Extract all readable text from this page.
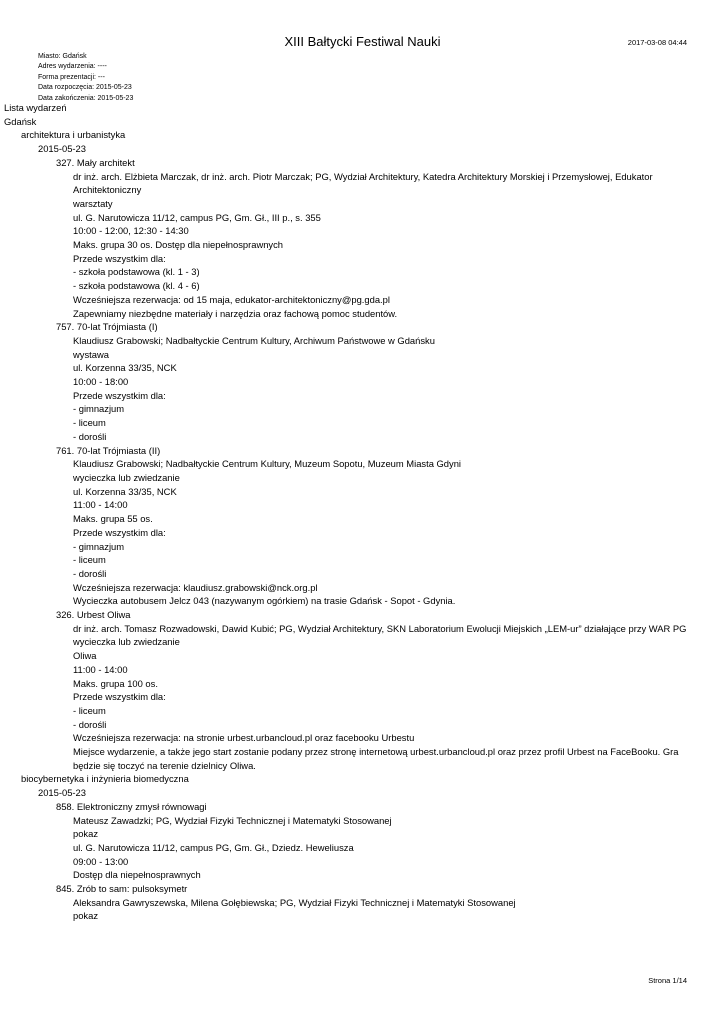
XIII Bałtycki Festiwal Nauki	2017-03-08 04:44
Miasto: Gdańsk
Adres wydarzenia: ----
Forma prezentacji: ---
Data rozpoczęcia: 2015-05-23
Data zakończenia: 2015-05-23
Lista wydarzeń
Gdańsk
architektura i urbanistyka
2015-05-23
327. Mały architekt
dr inż. arch. Elżbieta Marczak, dr inż. arch. Piotr Marczak; PG, Wydział Architektury, Katedra Architektury Morskiej i Przemysłowej, Edukator Architektoniczny
warsztaty
ul. G. Narutowicza 11/12, campus PG, Gm. Gł., III p., s. 355
10:00 - 12:00, 12:30 - 14:30
Maks. grupa 30 os. Dostęp dla niepełnosprawnych
Przede wszystkim dla:
- szkoła podstawowa (kl. 1 - 3)
- szkoła podstawowa (kl. 4 - 6)
Wcześniejsza rezerwacja: od 15 maja, edukator-architektoniczny@pg.gda.pl
Zapewniamy niezbędne materiały i narzędzia oraz fachową pomoc studentów.
757. 70-lat Trójmiasta (I)
Klaudiusz Grabowski; Nadbałtyckie Centrum Kultury, Archiwum Państwowe w Gdańsku
wystawa
ul. Korzenna 33/35, NCK
10:00 - 18:00
Przede wszystkim dla:
- gimnazjum
- liceum
- dorośli
761. 70-lat Trójmiasta (II)
Klaudiusz Grabowski; Nadbałtyckie Centrum Kultury, Muzeum Sopotu, Muzeum Miasta Gdyni
wycieczka lub zwiedzanie
ul. Korzenna 33/35, NCK
11:00 - 14:00
Maks. grupa 55 os.
Przede wszystkim dla:
- gimnazjum
- liceum
- dorośli
Wcześniejsza rezerwacja: klaudiusz.grabowski@nck.org.pl
Wycieczka autobusem Jelcz 043 (nazywanym ogórkiem) na trasie Gdańsk - Sopot - Gdynia.
326. Urbest Oliwa
dr inż. arch. Tomasz Rozwadowski, Dawid Kubić; PG, Wydział Architektury, SKN Laboratorium Ewolucji Miejskich „LEM-ur” działające przy WAR PG
wycieczka lub zwiedzanie
Oliwa
11:00 - 14:00
Maks. grupa 100 os.
Przede wszystkim dla:
- liceum
- dorośli
Wcześniejsza rezerwacja: na stronie urbest.urbancloud.pl oraz facebooku Urbestu
Miejsce wydarzenie, a także jego start zostanie podany przez stronę internetową urbest.urbancloud.pl oraz przez profil Urbest na FaceBooku. Gra będzie się toczyć na terenie dzielnicy Oliwa.
biocybernetyka i inżynieria biomedyczna
2015-05-23
858. Elektroniczny zmysł równowagi
Mateusz Zawadzki; PG, Wydział Fizyki Technicznej i Matematyki Stosowanej
pokaz
ul. G. Narutowicza 11/12, campus PG, Gm. Gł., Dziedz. Heweliusza
09:00 - 13:00
Dostęp dla niepełnosprawnych
845. Zrób to sam: pulsoksymetr
Aleksandra Gawryszewska, Milena Gołębiewska; PG, Wydział Fizyki Technicznej i Matematyki Stosowanej
pokaz
Strona 1/14
